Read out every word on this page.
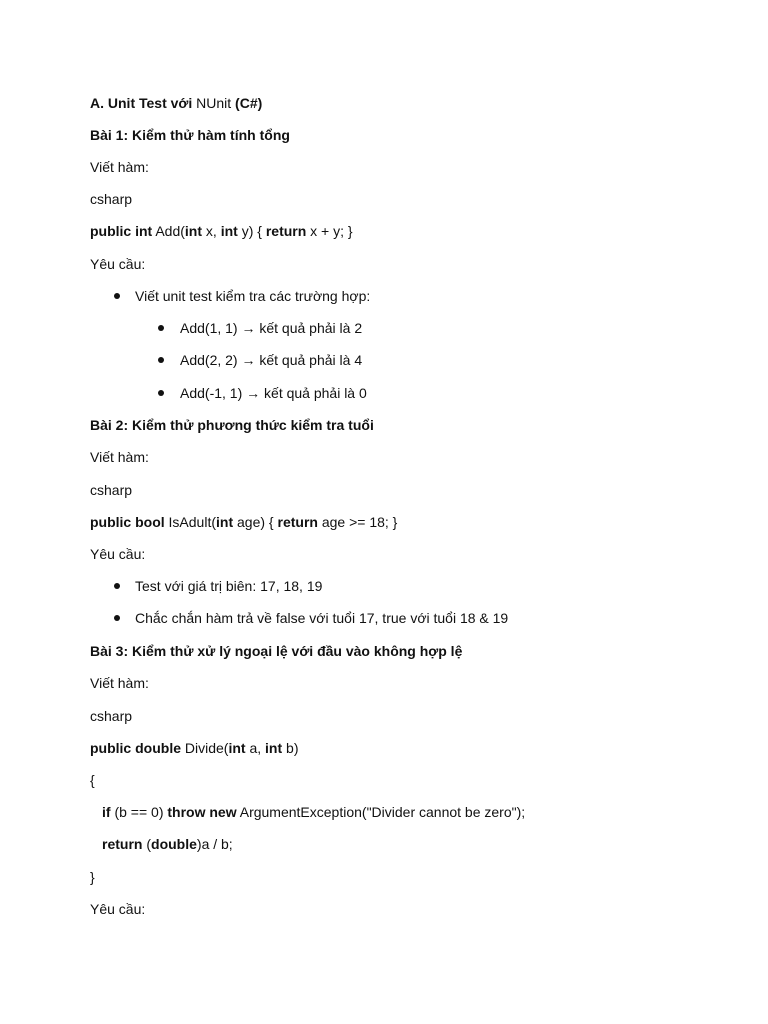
A. Unit Test với NUnit (C#)
Bài 1: Kiểm thử hàm tính tổng
Viết hàm:
csharp
public int Add(int x, int y) { return x + y; }
Yêu cầu:
Viết unit test kiểm tra các trường hợp:
Add(1, 1) → kết quả phải là 2
Add(2, 2) → kết quả phải là 4
Add(-1, 1) → kết quả phải là 0
Bài 2: Kiểm thử phương thức kiểm tra tuổi
Viết hàm:
csharp
public bool IsAdult(int age) { return age >= 18; }
Yêu cầu:
Test với giá trị biên: 17, 18, 19
Chắc chắn hàm trả về false với tuổi 17, true với tuổi 18 & 19
Bài 3: Kiểm thử xử lý ngoại lệ với đầu vào không hợp lệ
Viết hàm:
csharp
public double Divide(int a, int b)
{
if (b == 0) throw new ArgumentException("Divider cannot be zero");
return (double)a / b;
}
Yêu cầu:
